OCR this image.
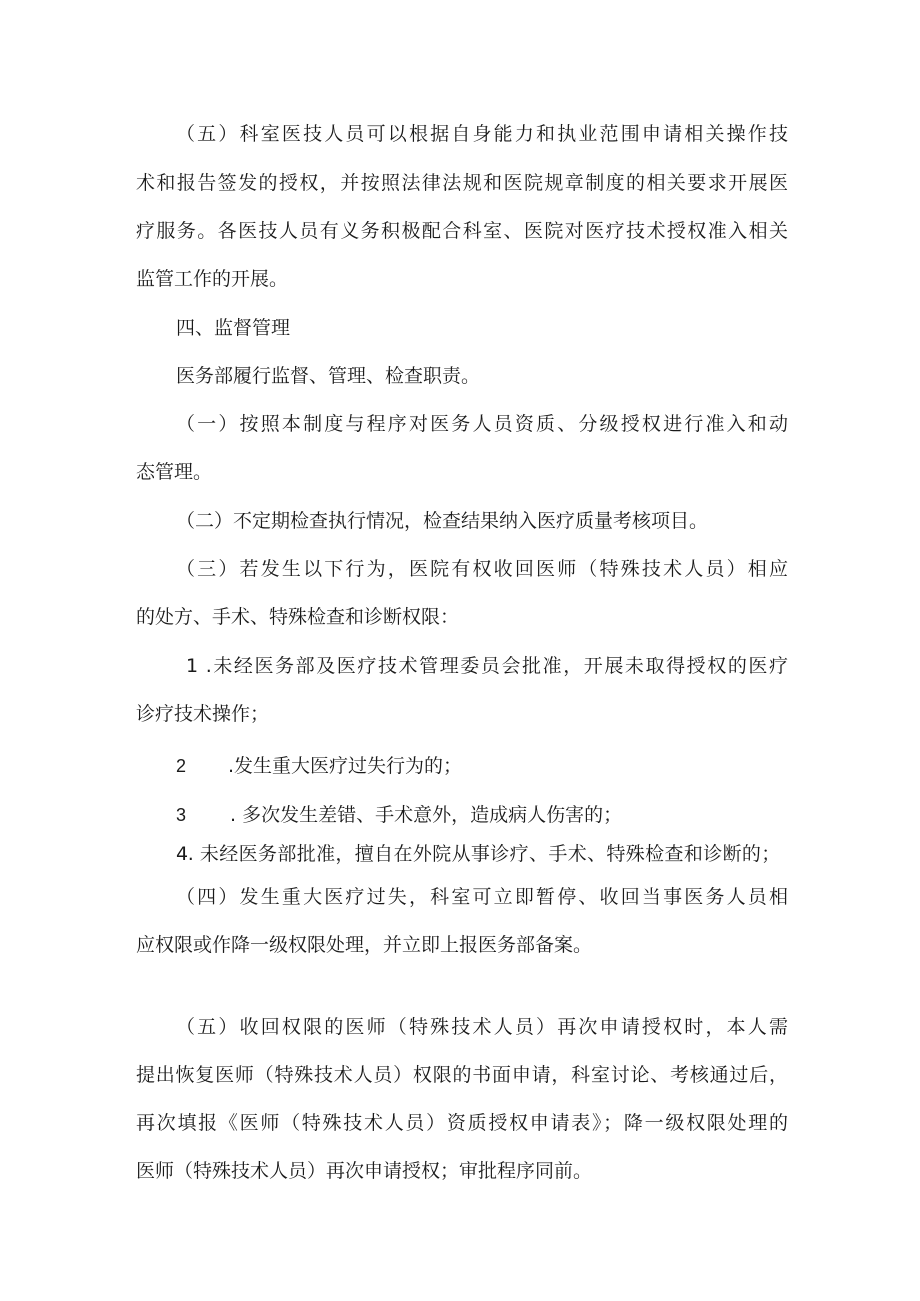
（五）科室医技人员可以根据自身能力和执业范围申请相关操作技
术和报告签发的授权，并按照法律法规和医院规章制度的相关要求开展医
疗服务。各医技人员有义务积极配合科室、医院对医疗技术授权准入相关
监管工作的开展。
四、监督管理
医务部履行监督、管理、检查职责。
（一）按照本制度与程序对医务人员资质、分级授权进行准入和动
态管理。
（二）不定期检查执行情况，检查结果纳入医疗质量考核项目。
（三）若发生以下行为，医院有权收回医师（特殊技术人员）相应
的处方、手术、特殊检查和诊断权限：
1 .未经医务部及医疗技术管理委员会批准，开展未取得授权的医疗
诊疗技术操作；
2 .发生重大医疗过失行为的；
3 . 多次发生差错、手术意外，造成病人伤害的；
4. 未经医务部批准，擅自在外院从事诊疗、手术、特殊检查和诊断的；
（四）发生重大医疗过失，科室可立即暂停、收回当事医务人员相
应权限或作降一级权限处理，并立即上报医务部备案。
（五）收回权限的医师（特殊技术人员）再次申请授权时，本人需
提出恢复医师（特殊技术人员）权限的书面申请，科室讨论、考核通过后，
再次填报《医师（特殊技术人员）资质授权申请表》；降一级权限处理的
医师（特殊技术人员）再次申请授权；审批程序同前。
